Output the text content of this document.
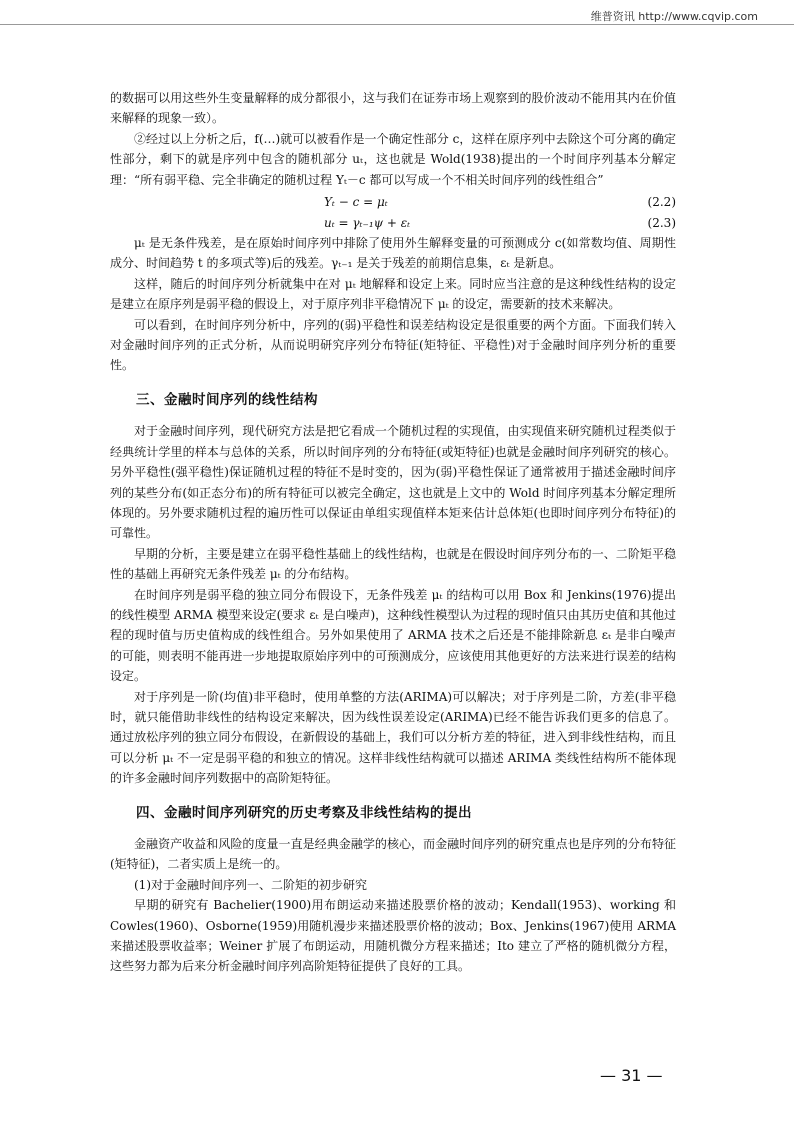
维普资讯 http://www.cqvip.com

的数据可以用这些外生变量解释的成分都很小，这与我们在证券市场上观察到的股价波动不能用其内在价值来解释的现象一致）。

②经过以上分析之后，f(…)就可以被看作是一个确定性部分 c，这样在原序列中去除这个可分离的确定性部分，剩下的就是序列中包含的随机部分 uₜ，这也就是 Wold(1938)提出的一个时间序列基本分解定理：“所有弱平稳、完全非确定的随机过程 Yₜ－c 都可以写成一个不相关时间序列的线性组合”

Yₜ − c = μₜ	(2.2)
uₜ = γₜ₋₁ψ + εₜ	(2.3)

μₜ 是无条件残差，是在原始时间序列中排除了使用外生解释变量的可预测成分 c(如常数均值、周期性成分、时间趋势 t 的多项式等)后的残差。γₜ₋₁ 是关于残差的前期信息集，εₜ 是新息。

这样，随后的时间序列分析就集中在对 μₜ 地解释和设定上来。同时应当注意的是这种线性结构的设定是建立在原序列是弱平稳的假设上，对于原序列非平稳情况下 μₜ 的设定，需要新的技术来解决。

可以看到，在时间序列分析中，序列的(弱)平稳性和误差结构设定是很重要的两个方面。下面我们转入对金融时间序列的正式分析，从而说明研究序列分布特征(矩特征、平稳性)对于金融时间序列分析的重要性。

三、金融时间序列的线性结构

对于金融时间序列，现代研究方法是把它看成一个随机过程的实现值，由实现值来研究随机过程类似于经典统计学里的样本与总体的关系，所以时间序列的分布特征(或矩特征)也就是金融时间序列研究的核心。另外平稳性(强平稳性)保证随机过程的特征不是时变的，因为(弱)平稳性保证了通常被用于描述金融时间序列的某些分布(如正态分布)的所有特征可以被完全确定，这也就是上文中的 Wold 时间序列基本分解定理所体现的。另外要求随机过程的遍历性可以保证由单组实现值样本矩来估计总体矩(也即时间序列分布特征)的可靠性。

早期的分析，主要是建立在弱平稳性基础上的线性结构，也就是在假设时间序列分布的一、二阶矩平稳性的基础上再研究无条件残差 μₜ 的分布结构。

在时间序列是弱平稳的独立同分布假设下，无条件残差 μₜ 的结构可以用 Box 和 Jenkins(1976)提出的线性模型 ARMA 模型来设定(要求 εₜ 是白噪声)，这种线性模型认为过程的现时值只由其历史值和其他过程的现时值与历史值构成的线性组合。另外如果使用了 ARMA 技术之后还是不能排除新息 εₜ 是非白噪声的可能，则表明不能再进一步地提取原始序列中的可预测成分，应该使用其他更好的方法来进行误差的结构设定。

对于序列是一阶(均值)非平稳时，使用单整的方法(ARIMA)可以解决；对于序列是二阶，方差(非平稳时，就只能借助非线性的结构设定来解决，因为线性误差设定(ARIMA)已经不能告诉我们更多的信息了。通过放松序列的独立同分布假设，在新假设的基础上，我们可以分析方差的特征，进入到非线性结构，而且可以分析 μₜ 不一定是弱平稳的和独立的情况。这样非线性结构就可以描述 ARIMA 类线性结构所不能体现的许多金融时间序列数据中的高阶矩特征。

四、金融时间序列研究的历史考察及非线性结构的提出

金融资产收益和风险的度量一直是经典金融学的核心，而金融时间序列的研究重点也是序列的分布特征(矩特征)，二者实质上是统一的。

(1)对于金融时间序列一、二阶矩的初步研究

早期的研究有 Bachelier(1900)用布朗运动来描述股票价格的波动；Kendall(1953)、working 和 Cowles(1960)、Osborne(1959)用随机漫步来描述股票价格的波动；Box、Jenkins(1967)使用 ARMA 来描述股票收益率；Weiner 扩展了布朗运动，用随机微分方程来描述；Ito 建立了严格的随机微分方程，这些努力都为后来分析金融时间序列高阶矩特征提供了良好的工具。

— 31 —
